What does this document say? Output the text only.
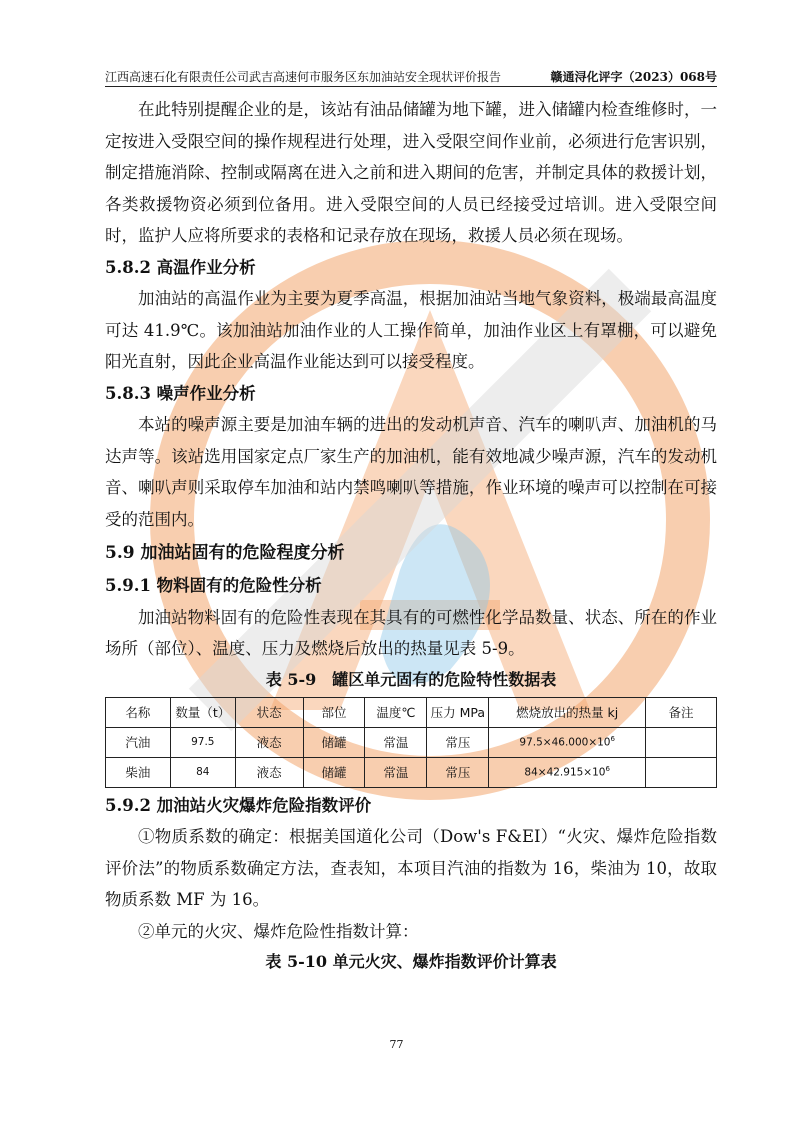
江西高速石化有限责任公司武吉高速何市服务区东加油站安全现状评价报告	赣通浔化评字（2023）068号

在此特别提醒企业的是，该站有油品储罐为地下罐，进入储罐内检查维修时，一定按进入受限空间的操作规程进行处理，进入受限空间作业前，必须进行危害识别，制定措施消除、控制或隔离在进入之前和进入期间的危害，并制定具体的救援计划，各类救援物资必须到位备用。进入受限空间的人员已经接受过培训。进入受限空间时，监护人应将所要求的表格和记录存放在现场，救援人员必须在现场。

5.8.2 高温作业分析

加油站的高温作业为主要为夏季高温，根据加油站当地气象资料，极端最高温度可达 41.9℃。该加油站加油作业的人工操作简单，加油作业区上有罩棚，可以避免阳光直射，因此企业高温作业能达到可以接受程度。

5.8.3 噪声作业分析

本站的噪声源主要是加油车辆的进出的发动机声音、汽车的喇叭声、加油机的马达声等。该站选用国家定点厂家生产的加油机，能有效地减少噪声源，汽车的发动机音、喇叭声则采取停车加油和站内禁鸣喇叭等措施，作业环境的噪声可以控制在可接受的范围内。

5.9 加油站固有的危险程度分析

5.9.1 物料固有的危险性分析

加油站物料固有的危险性表现在其具有的可燃性化学品数量、状态、所在的作业场所（部位）、温度、压力及燃烧后放出的热量见表 5-9。

表 5-9　罐区单元固有的危险特性数据表

名称	数量（t）	状态	部位	温度℃	压力 MPa	燃烧放出的热量 kj	备注
汽油	97.5	液态	储罐	常温	常压	$97.5\times 46.000\times 10^6$	
柴油	84	液态	储罐	常温	常压	$84\times 42.915\times 10^6$	

5.9.2 加油站火灾爆炸危险指数评价

①物质系数的确定：根据美国道化公司（Dow's F&EI）“火灾、爆炸危险指数评价法”的物质系数确定方法，查表知，本项目汽油的指数为 16，柴油为 10，故取物质系数 MF 为 16。

②单元的火灾、爆炸危险性指数计算：

表 5-10 单元火灾、爆炸指数评价计算表

77
